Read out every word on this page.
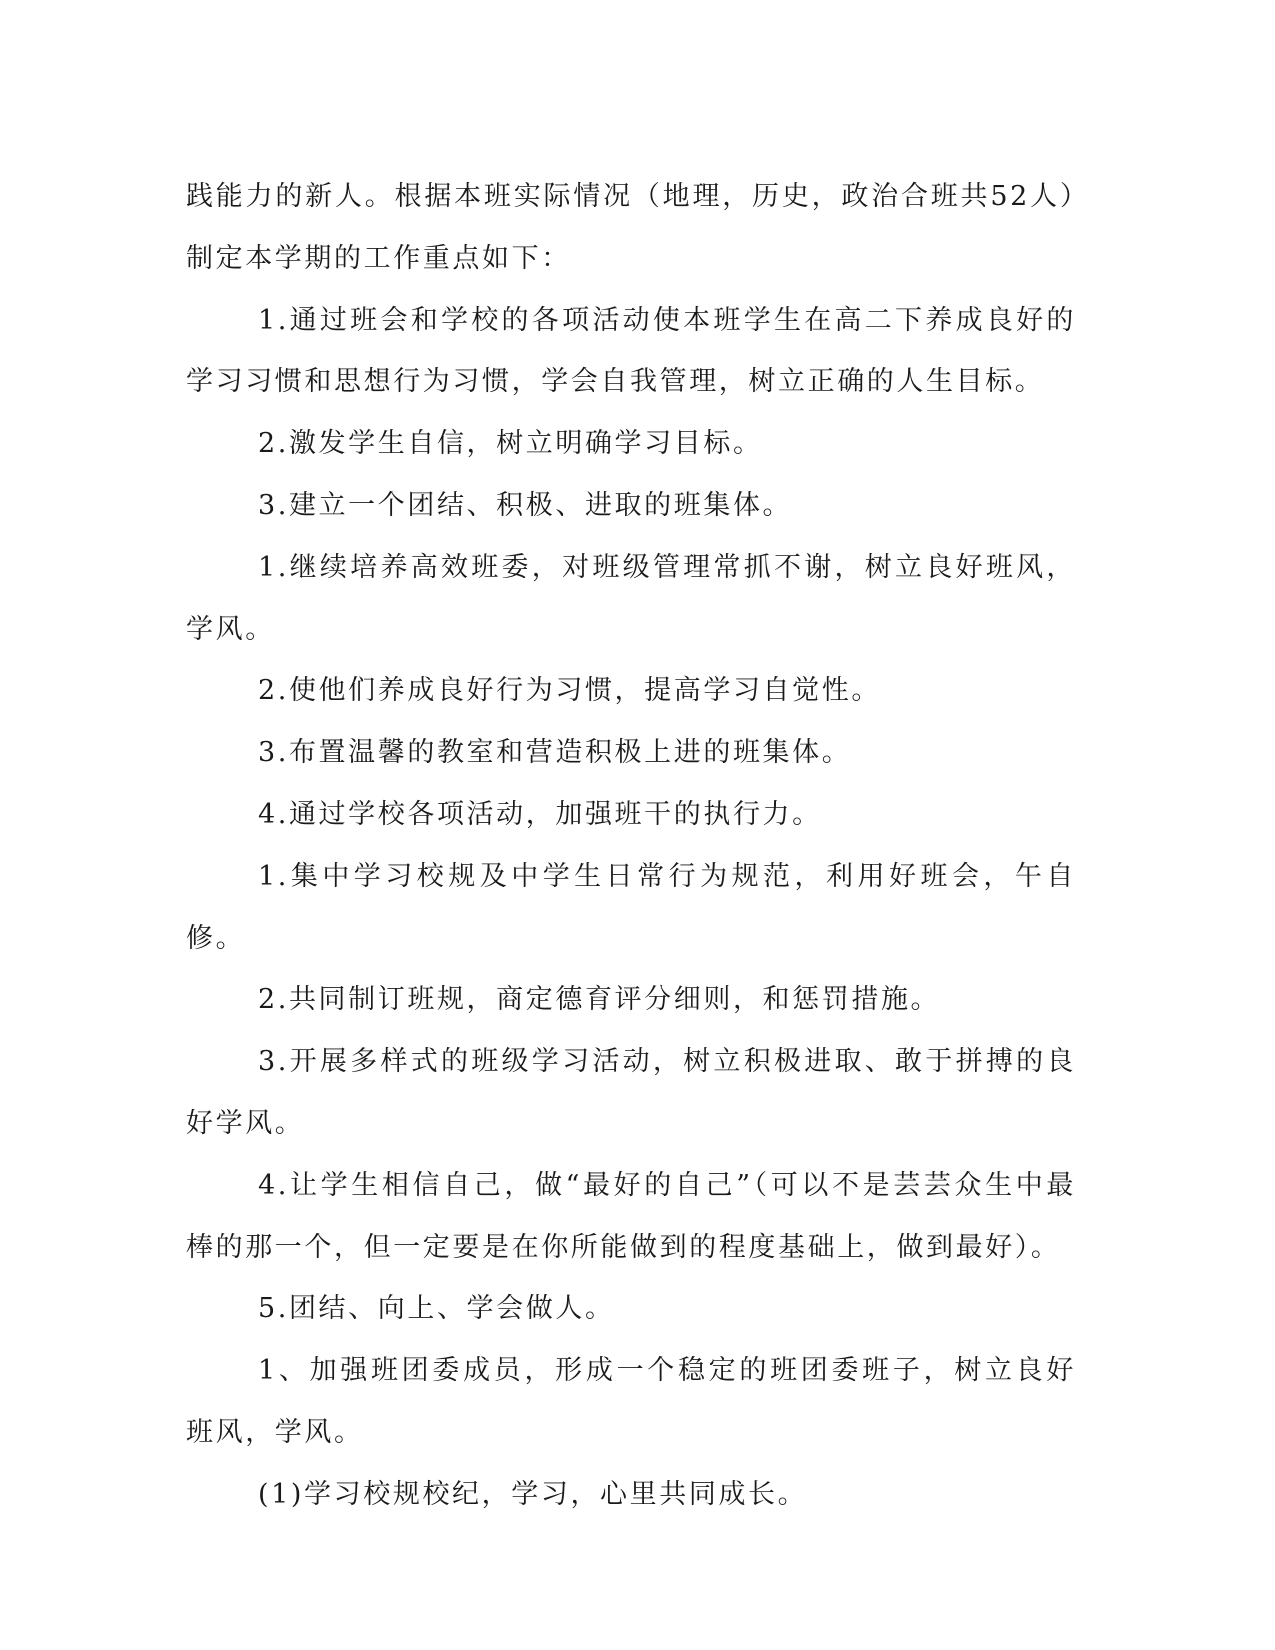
践能力的新人。根据本班实际情况（地理，历史，政治合班共52人）制定本学期的工作重点如下：

1.通过班会和学校的各项活动使本班学生在高二下养成良好的学习习惯和思想行为习惯，学会自我管理，树立正确的人生目标。

2.激发学生自信，树立明确学习目标。

3.建立一个团结、积极、进取的班集体。

1.继续培养高效班委，对班级管理常抓不谢，树立良好班风，学风。

2.使他们养成良好行为习惯，提高学习自觉性。

3.布置温馨的教室和营造积极上进的班集体。

4.通过学校各项活动，加强班干的执行力。

1.集中学习校规及中学生日常行为规范，利用好班会，午自修。

2.共同制订班规，商定德育评分细则，和惩罚措施。

3.开展多样式的班级学习活动，树立积极进取、敢于拼搏的良好学风。

4.让学生相信自己，做“最好的自己”（可以不是芸芸众生中最棒的那一个，但一定要是在你所能做到的程度基础上，做到最好）。

5.团结、向上、学会做人。

1、加强班团委成员，形成一个稳定的班团委班子，树立良好班风，学风。

(1)学习校规校纪，学习，心里共同成长。
